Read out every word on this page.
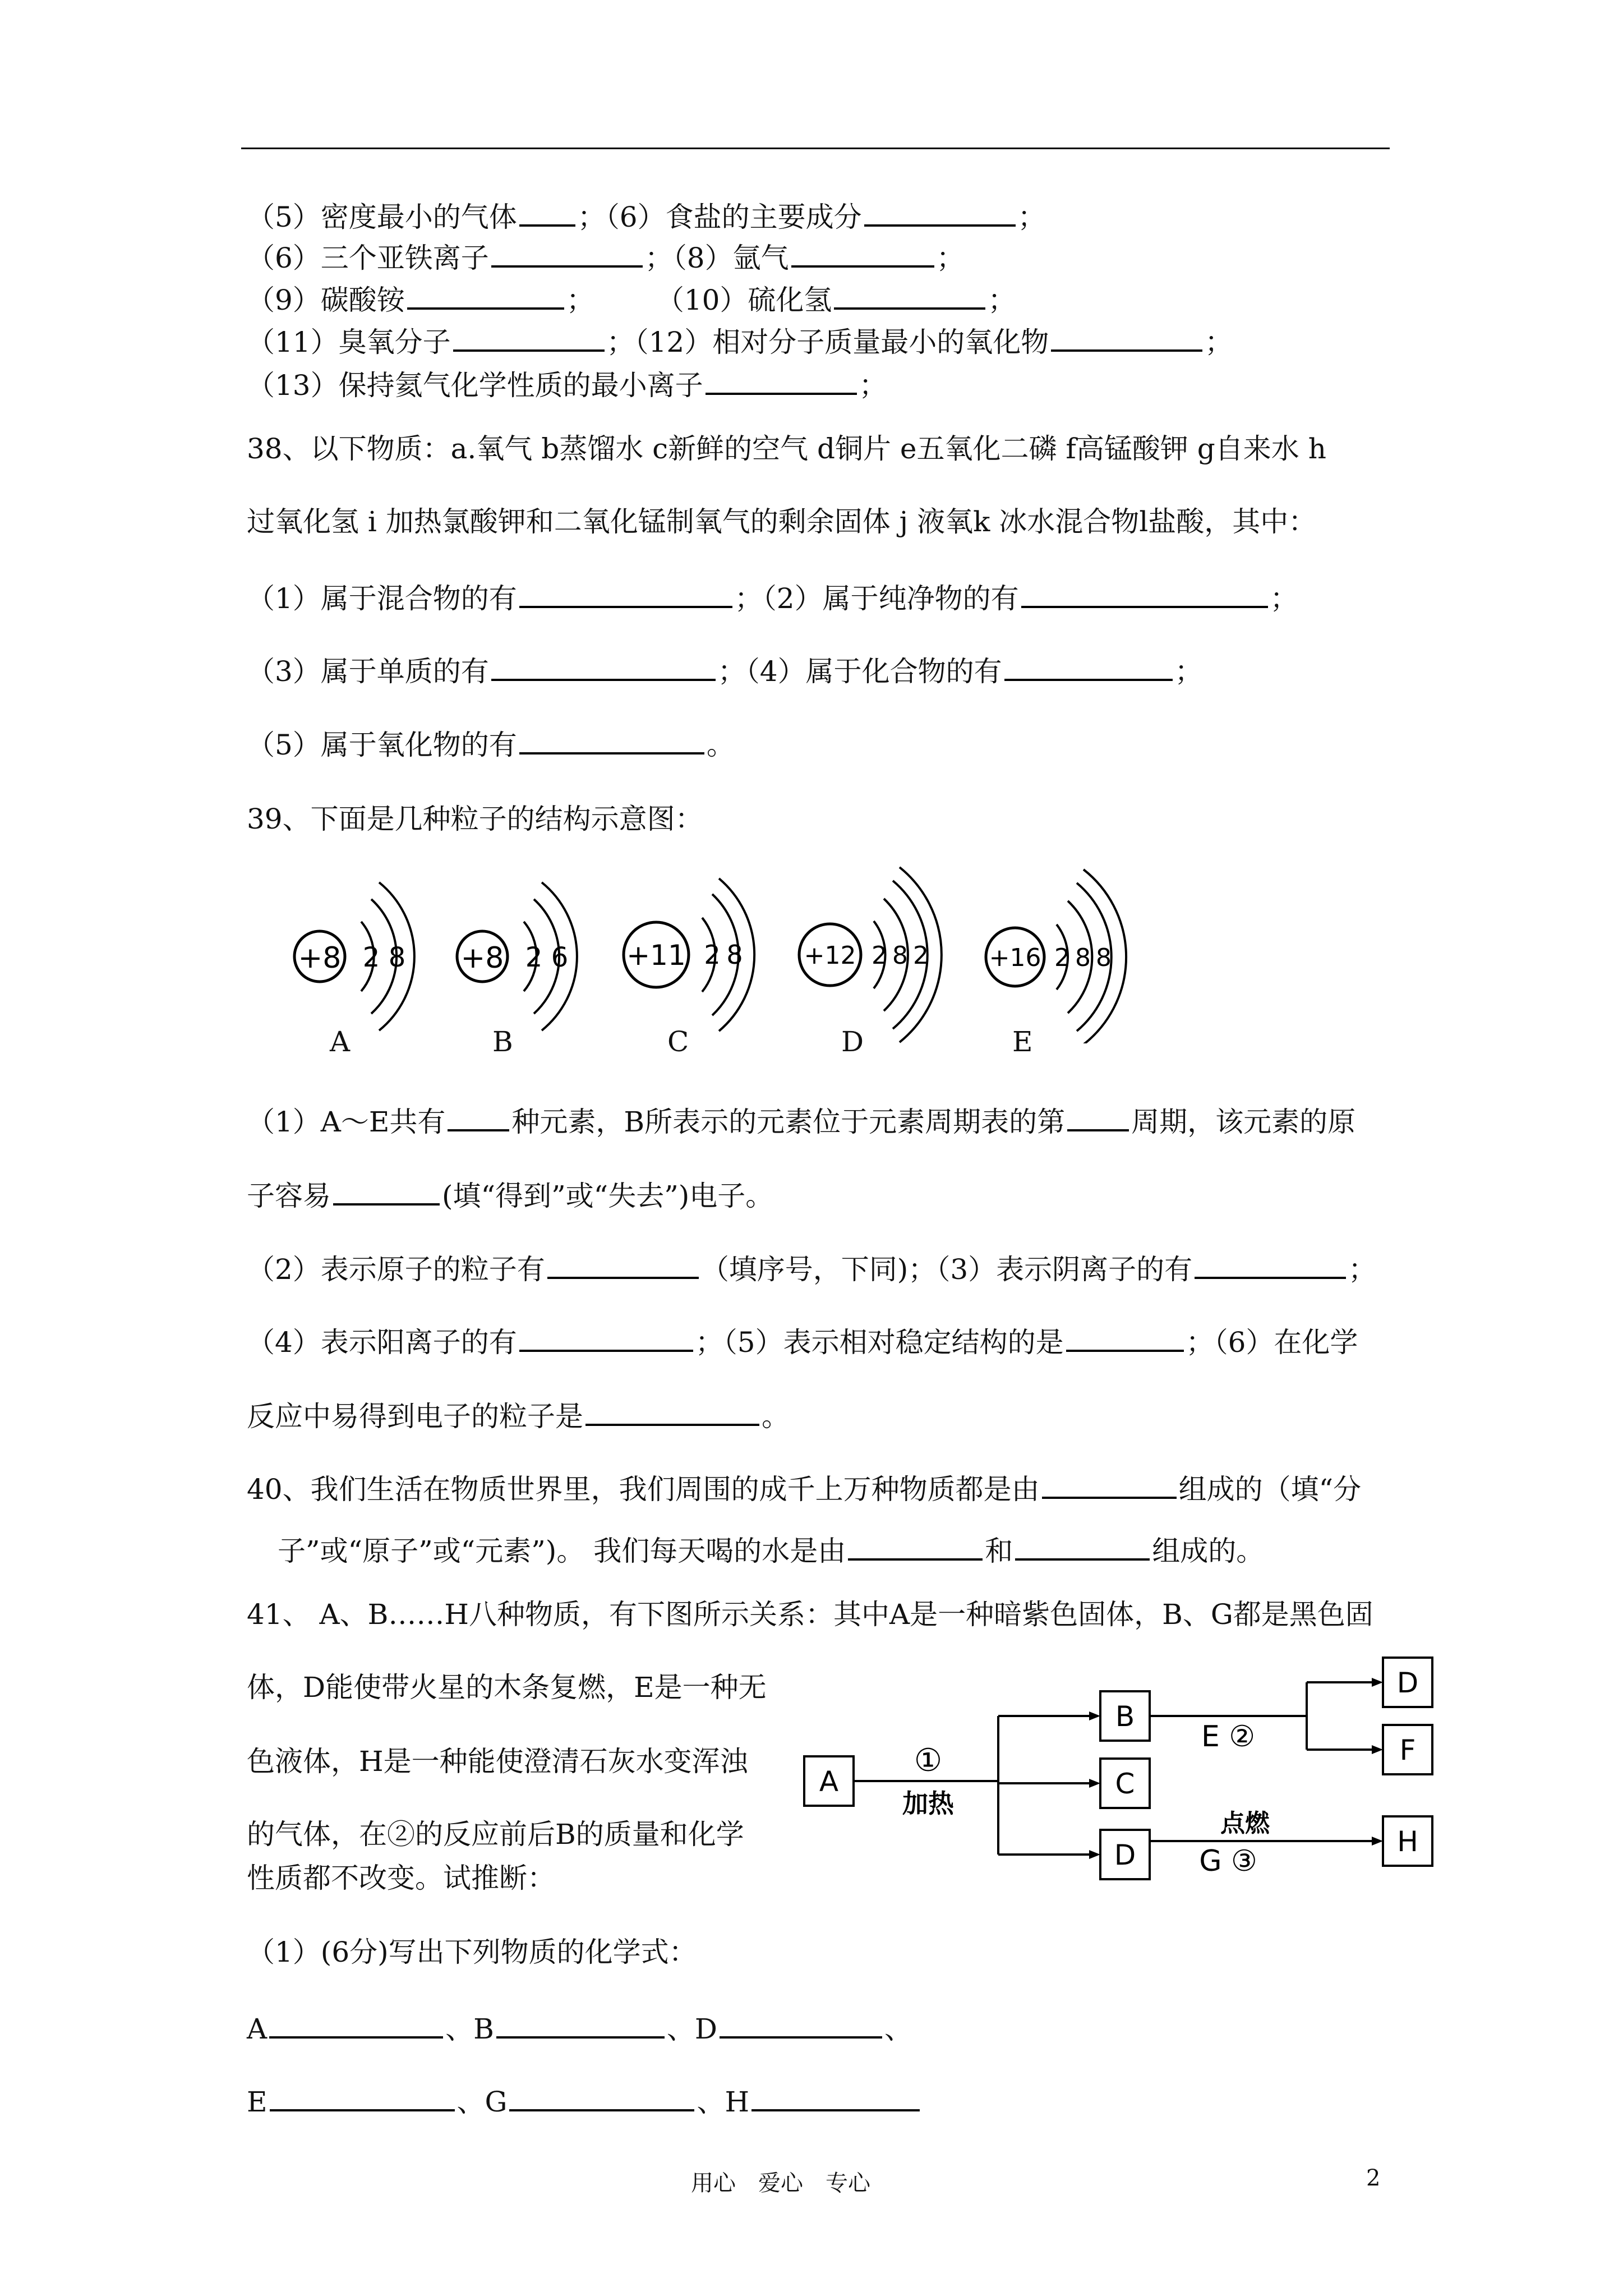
（5）密度最小的气体 ；（6）食盐的主要成分	；
（6）三个亚铁离子	；（8）氩气	；
（9）碳酸铵	； （10）硫化氢	；
（11）臭氧分子	；（12）相对分子质量最小的氧化物	；
（13）保持氦气化学性质的最小离子	；
38、以下物质：a.氧气 b蒸馏水 c新鲜的空气 d铜片 e五氧化二磷 f高锰酸钾 g自来水 h
过氧化氢 i 加热氯酸钾和二氧化锰制氧气的剩余固体 j 液氧k 冰水混合物l盐酸，其中：
（1）属于混合物的有	；（2）属于纯净物的有	；
（3）属于单质的有	；（4）属于化合物的有	；
（5）属于氧化物的有	。
39、下面是几种粒子的结构示意图：
+8 2 8 +8 2 6 +11 2 8 +12 2 8 2 +16 2 8 8
A	B	C	D	E
（1）A～E共有 种元素，B所表示的元素位于元素周期表的第 周期，该元素的原
子容易	(填“得到”或“失去”)电子。
（2）表示原子的粒子有	（填序号，下同)；（3）表示阴离子的有	；
（4）表示阳离子的有	；（5）表示相对稳定结构的是	；（6）在化学
反应中易得到电子的粒子是	。
40、我们生活在物质世界里，我们周围的成千上万种物质都是由	组成的（填“分
子”或“原子”或“元素”)。 我们每天喝的水是由	和	组成的。
41、 A、B……H八种物质，有下图所示关系：其中A是一种暗紫色固体，B、G都是黑色固
体，D能使带火星的木条复燃，E是一种无
色液体，H是一种能使澄清石灰水变浑浊
的气体，在②的反应前后B的质量和化学
性质都不改变。试推断：
A
B
C
D
D
F
H
①
加热
E ②
点燃
G ③
（1）(6分)写出下列物质的化学式：
A	、B	、D	、
E	、G	、H
用心　爱心　专心	2
